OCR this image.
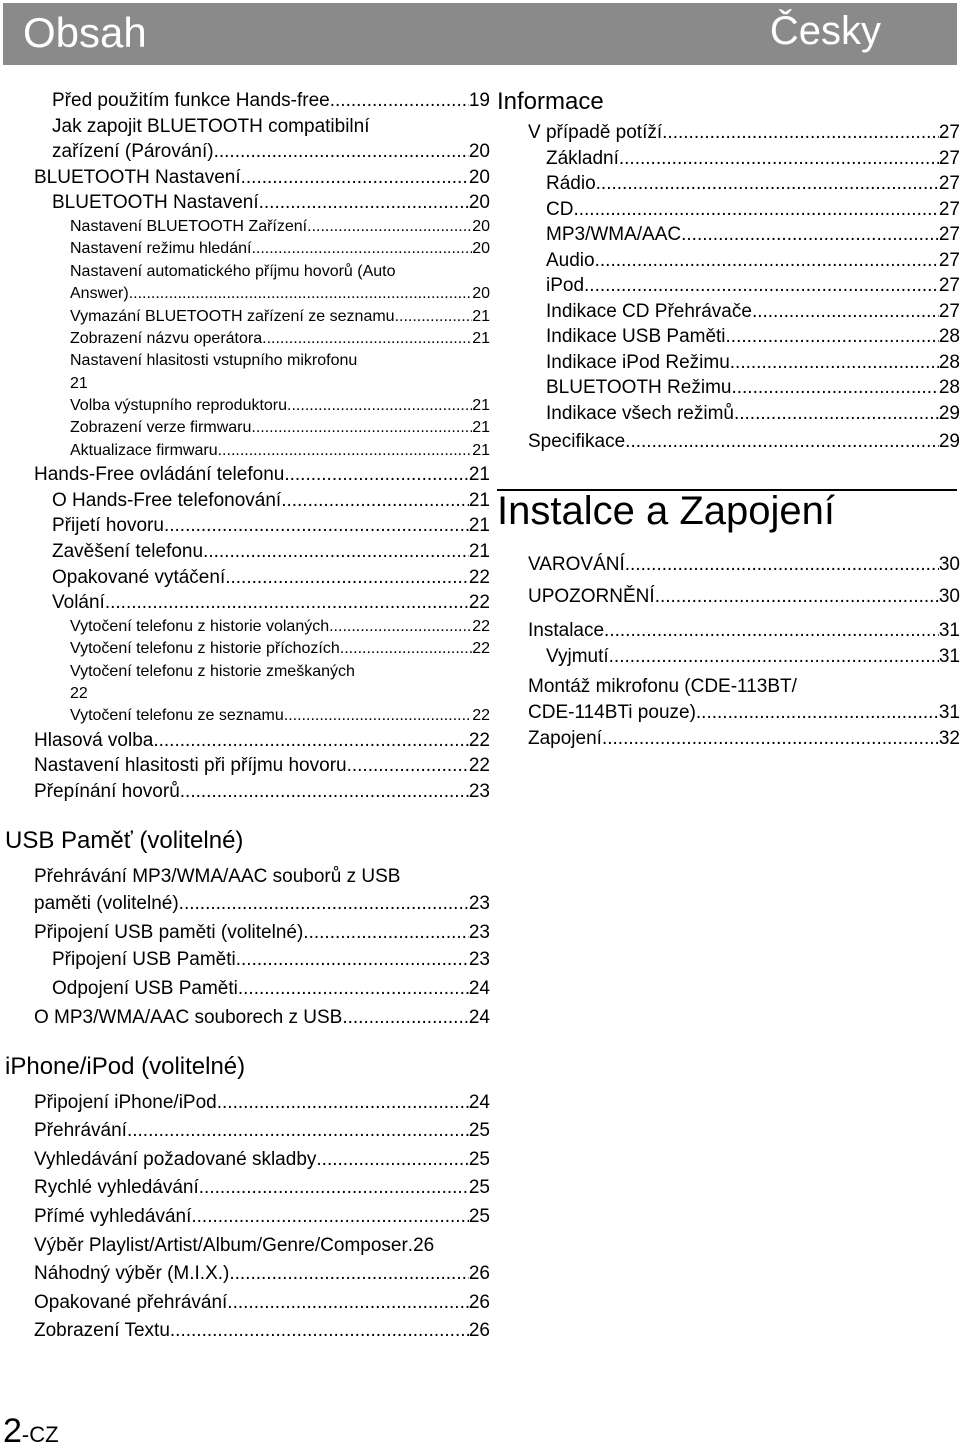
Obsah	Česky
Před použitím funkce Hands-free .....	19
Jak zapojit BLUETOOTH compatibilní
zařízení (Párování) .....	20
BLUETOOTH Nastavení .....	20
BLUETOOTH Nastavení .....	20
Nastavení BLUETOOTH Zařízení .....	20
Nastavení režimu hledání .....	20
Nastavení automatického příjmu hovorů (Auto
Answer) .....	20
Vymazání BLUETOOTH zařízení ze seznamu .....	21
Zobrazení názvu operátora .....	21
Nastavení hlasitosti vstupního mikrofonu
21
Volba výstupního reproduktoru .....	21
Zobrazení verze firmwaru .....	21
Aktualizace firmwaru .....	21
Hands-Free ovládání telefonu .....	21
O Hands-Free telefonování .....	21
Přijetí hovoru .....	21
Zavěšení telefonu .....	21
Opakované vytáčení .....	22
Volání .....	22
Vytočení telefonu z historie volaných .....	22
Vytočení telefonu z historie příchozích .....	22
Vytočení telefonu z historie zmeškaných
22
Vytočení telefonu ze seznamu .....	22
Hlasová volba .....	22
Nastavení hlasitosti při příjmu hovoru .....	22
Přepínání hovorů .....	23
USB Paměť (volitelné)
Přehrávání MP3/WMA/AAC souborů z USB
paměti (volitelné) .....	23
Připojení USB paměti (volitelné) .....	23
Připojení USB Paměti .....	23
Odpojení USB Paměti .....	24
O MP3/WMA/AAC souborech z USB .....	24
iPhone/iPod (volitelné)
Připojení iPhone/iPod .....	24
Přehrávání .....	25
Vyhledávání požadované skladby .....	25
Rychlé vyhledávání .....	25
Přímé vyhledávání .....	25
Výběr Playlist/Artist/Album/Genre/Composer . 26
Náhodný výběr (M.I.X.) .....	26
Opakované přehrávání .....	26
Zobrazení Textu .....	26
Informace
V případě potíží .....	27
Základní .....	27
Rádio .....	27
CD .....	27
MP3/WMA/AAC .....	27
Audio .....	27
iPod .....	27
Indikace CD Přehrávače .....	27
Indikace USB Paměti .....	28
Indikace iPod Režimu .....	28
BLUETOOTH Režimu .....	28
Indikace všech režimů .....	29
Specifikace .....	29
Instalce a Zapojení
VAROVÁNÍ .....	30
UPOZORNĚNÍ .....	30
Instalace .....	31
Vyjmutí .....	31
Montáž mikrofonu (CDE-113BT/
CDE-114BTi pouze) .....	31
Zapojení .....	32
2-CZ
